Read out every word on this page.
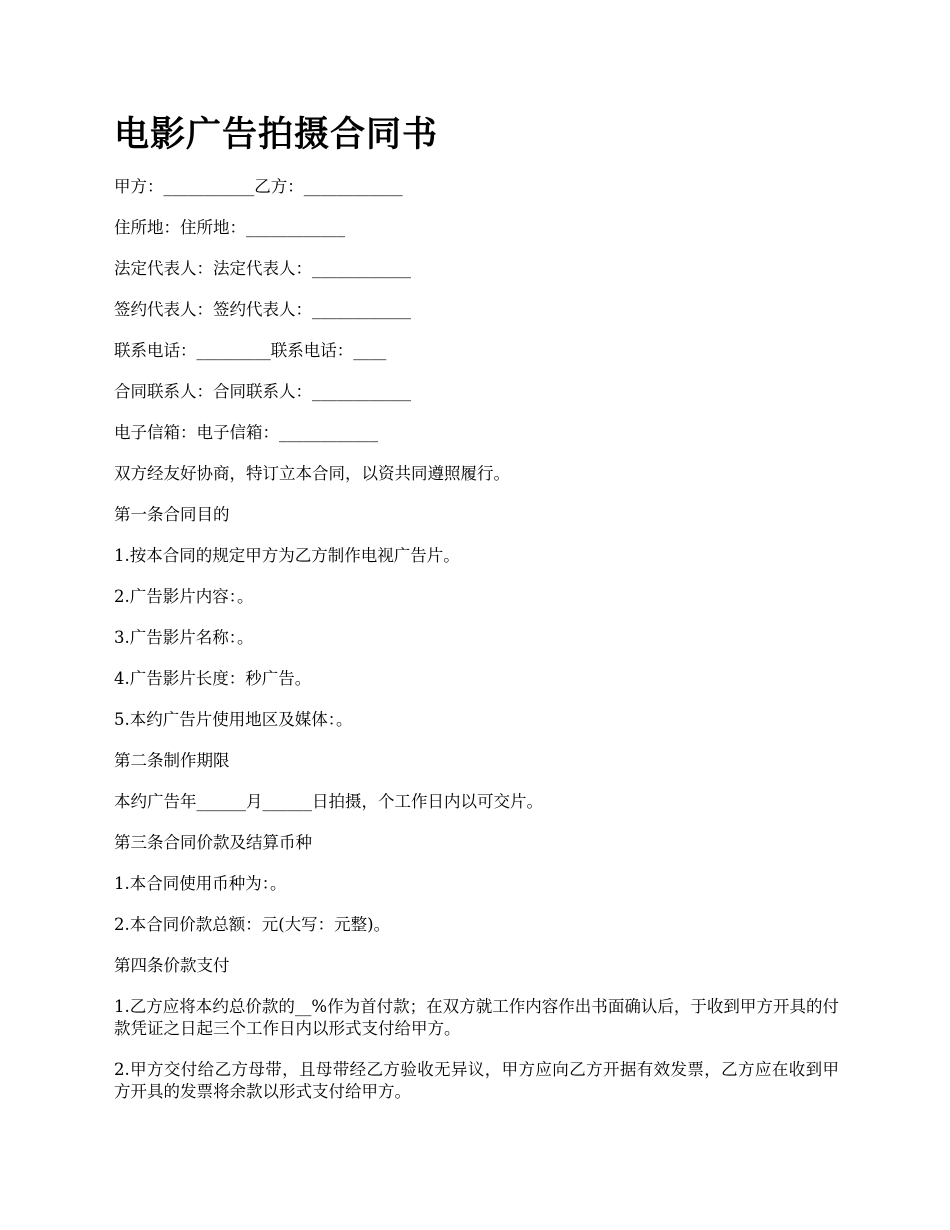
电影广告拍摄合同书

甲方：___________乙方：____________

住所地：住所地：____________

法定代表人：法定代表人：____________

签约代表人：签约代表人：____________

联系电话：_________联系电话：____

合同联系人：合同联系人：____________

电子信箱：电子信箱：____________

双方经友好协商，特订立本合同，以资共同遵照履行。

第一条合同目的

1.按本合同的规定甲方为乙方制作电视广告片。

2.广告影片内容：。

3.广告影片名称：。

4.广告影片长度：秒广告。

5.本约广告片使用地区及媒体：。

第二条制作期限

本约广告年______月______日拍摄，个工作日内以可交片。

第三条合同价款及结算币种

1.本合同使用币种为：。

2.本合同价款总额：元(大写：元整)。

第四条价款支付

1.乙方应将本约总价款的__%作为首付款；在双方就工作内容作出书面确认后，于收到甲方开具的付款凭证之日起三个工作日内以形式支付给甲方。

2.甲方交付给乙方母带，且母带经乙方验收无异议，甲方应向乙方开据有效发票，乙方应在收到甲方开具的发票将余款以形式支付给甲方。
